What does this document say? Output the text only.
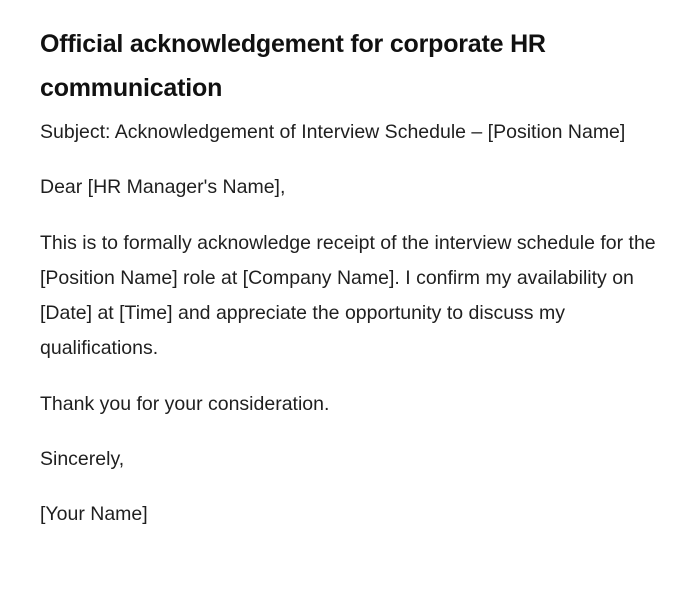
Official acknowledgement for corporate HR communication

Subject: Acknowledgement of Interview Schedule – [Position Name]

Dear [HR Manager's Name],

This is to formally acknowledge receipt of the interview schedule for the [Position Name] role at [Company Name]. I confirm my availability on [Date] at [Time] and appreciate the opportunity to discuss my qualifications.

Thank you for your consideration.

Sincerely,

[Your Name]
